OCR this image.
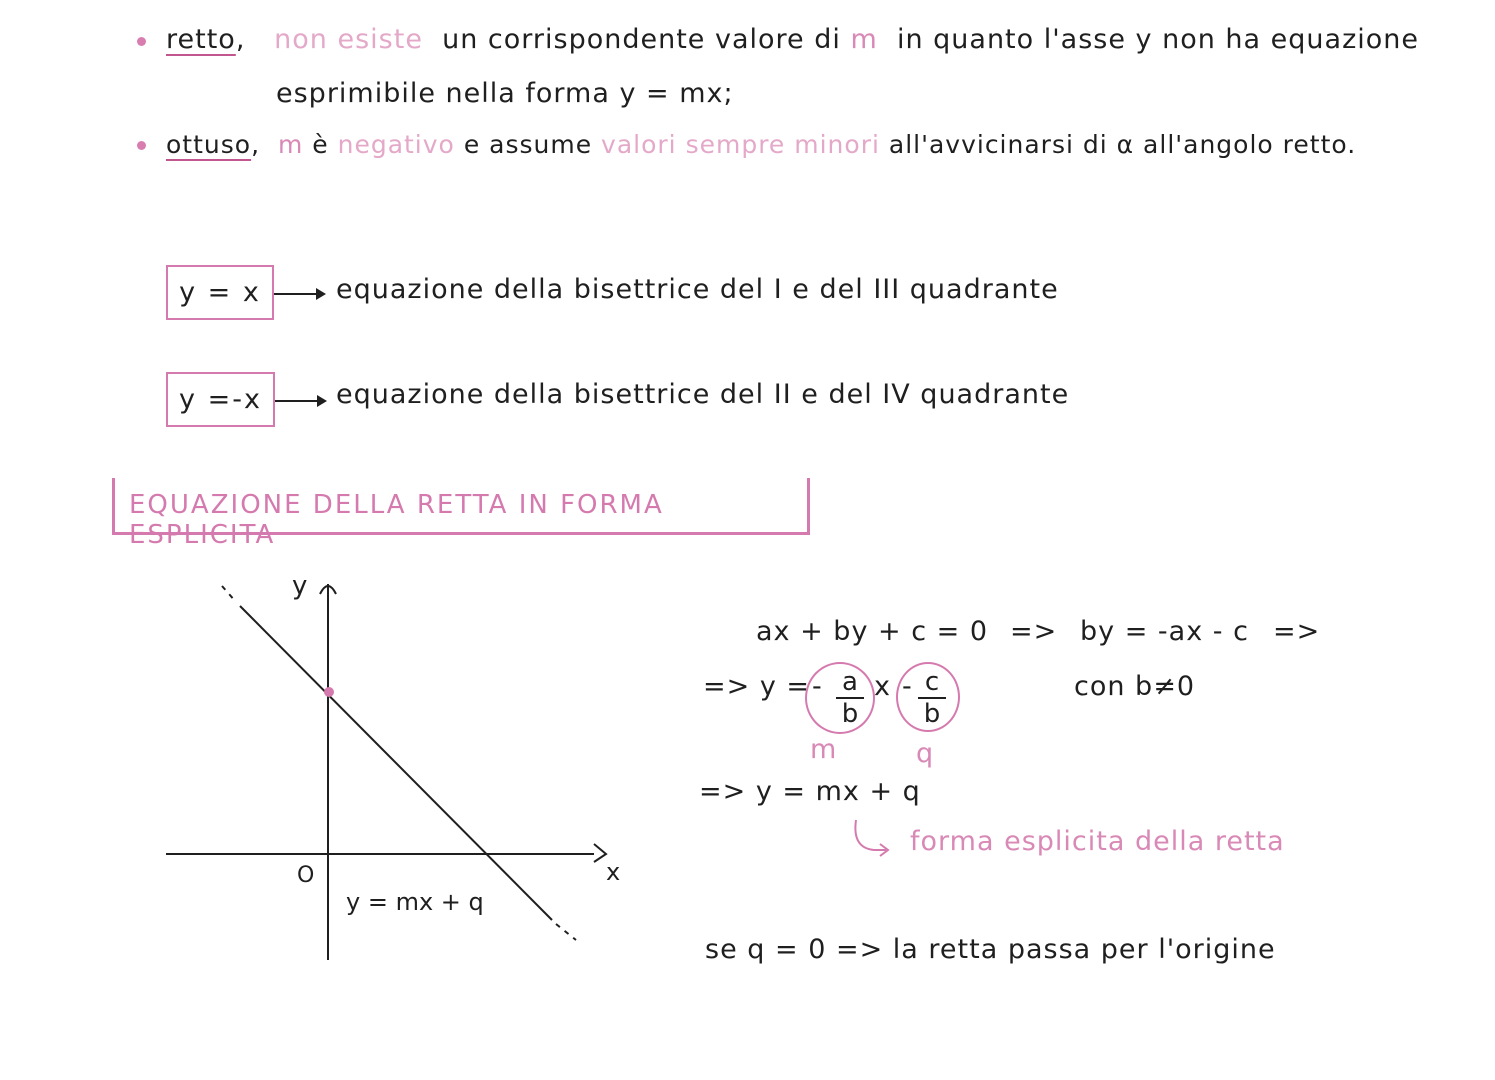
retto, non esiste un corrispondente valore di m in quanto l'asse y non ha equazione
esprimibile nella forma y = mx;
ottuso, m è negativo e assume valori sempre minori all'avvicinarsi di α all'angolo retto.
y = x	equazione della bisettrice del I e del III quadrante
y =-x	equazione della bisettrice del II e del IV quadrante
EQUAZIONE DELLA RETTA IN FORMA ESPLICITA
y
x
O
y = mx + q
ax + by + c = 0 => by = -ax - c =>
=> y = - a
b
x - c
b
con b≠0
m	q
=> y = mx + q
forma esplicita della retta
se q = 0 => la retta passa per l'origine
